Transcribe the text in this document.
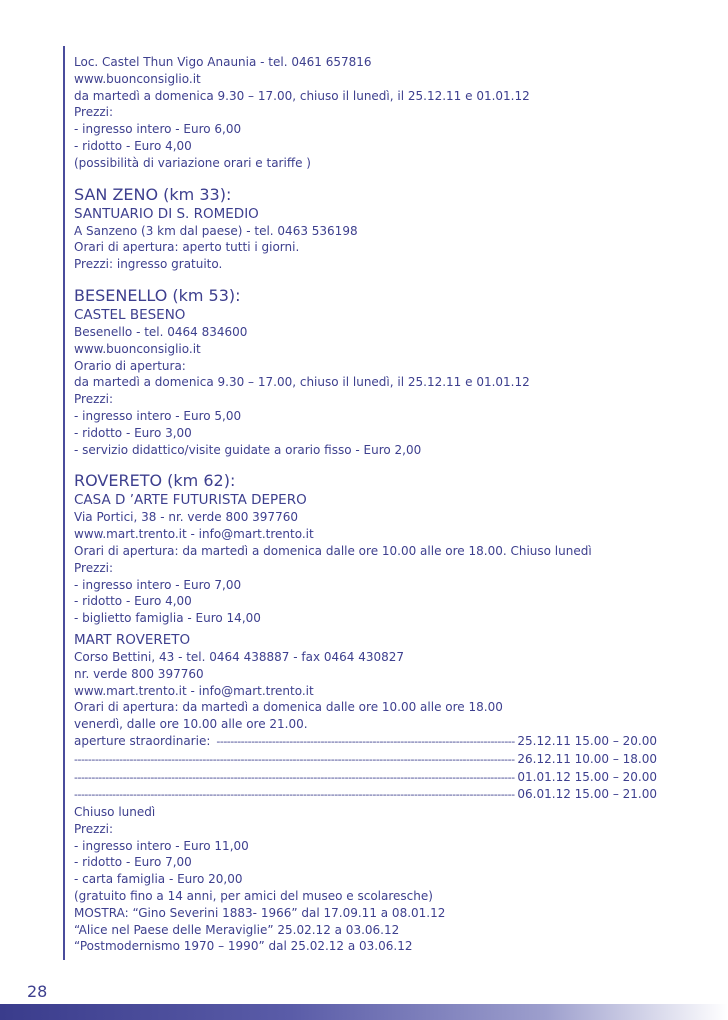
Loc. Castel Thun Vigo Anaunia - tel. 0461 657816
www.buonconsiglio.it
da martedì a domenica 9.30 – 17.00, chiuso il lunedì, il 25.12.11 e 01.01.12
Prezzi:
- ingresso intero - Euro 6,00
- ridotto - Euro 4,00
(possibilità di variazione orari e tariffe )
SAN ZENO (km 33):
SANTUARIO DI S. ROMEDIO
A Sanzeno (3 km dal paese) - tel. 0463 536198
Orari di apertura: aperto tutti i giorni.
Prezzi: ingresso gratuito.
BESENELLO (km 53):
CASTEL BESENO
Besenello - tel. 0464 834600
www.buonconsiglio.it
Orario di apertura:
da martedì a domenica 9.30 – 17.00, chiuso il lunedì, il 25.12.11 e 01.01.12
Prezzi:
- ingresso intero - Euro 5,00
- ridotto - Euro 3,00
- servizio didattico/visite guidate a orario fisso - Euro 2,00
ROVERETO (km 62):
CASA D ’ARTE FUTURISTA DEPERO
Via Portici, 38 - nr. verde 800 397760
www.mart.trento.it - info@mart.trento.it
Orari di apertura: da martedì a domenica dalle ore 10.00 alle ore 18.00. Chiuso lunedì
Prezzi:
- ingresso intero - Euro 7,00
- ridotto - Euro 4,00
- biglietto famiglia - Euro 14,00
MART ROVERETO
Corso Bettini, 43 - tel. 0464 438887 - fax 0464 430827
nr. verde 800 397760
www.mart.trento.it - info@mart.trento.it
Orari di apertura: da martedì a domenica dalle ore 10.00 alle ore 18.00
venerdì, dalle ore 10.00 alle ore 21.00.
aperture straordinarie:
-----	25.12.11 15.00 – 20.00
-----
26.12.11 10.00 – 18.00
-----
01.01.12 15.00 – 20.00
-----
06.01.12 15.00 – 21.00
Chiuso lunedì
Prezzi:
- ingresso intero - Euro 11,00
- ridotto - Euro 7,00
- carta famiglia - Euro 20,00
(gratuito fino a 14 anni, per amici del museo e scolaresche)
MOSTRA: “Gino Severini 1883- 1966” dal 17.09.11 a 08.01.12
“Alice nel Paese delle Meraviglie” 25.02.12 a 03.06.12
“Postmodernismo 1970 – 1990” dal 25.02.12 a 03.06.12
28
